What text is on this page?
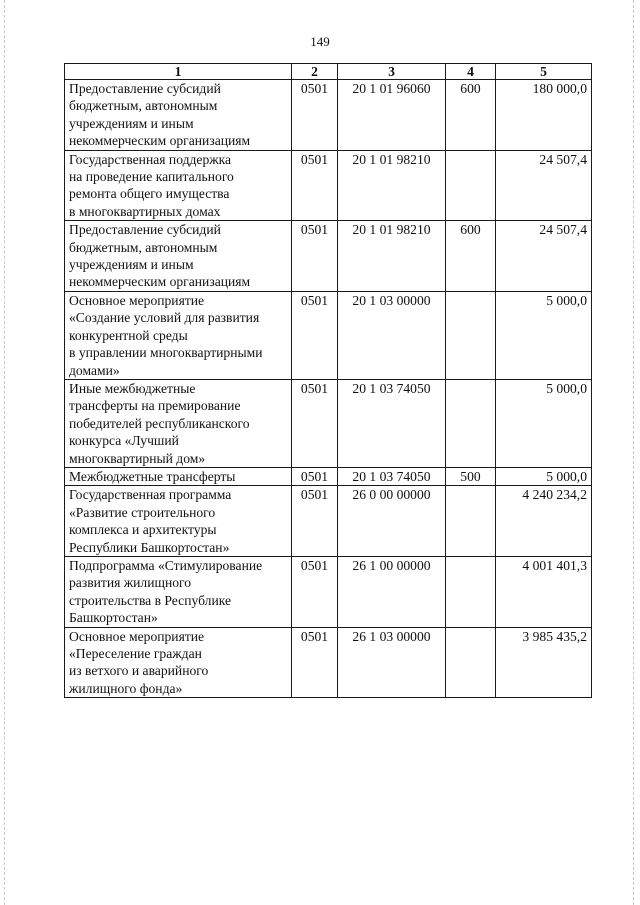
149
1	2	3	4	5
Предоставление субсидий
бюджетным, автономным
учреждениям и иным
некоммерческим организациям	0501	20 1 01 96060	600	180 000,0
Государственная поддержка
на проведение капитального
ремонта общего имущества
в многоквартирных домах	0501	20 1 01 98210		24 507,4
Предоставление субсидий
бюджетным, автономным
учреждениям и иным
некоммерческим организациям	0501	20 1 01 98210	600	24 507,4
Основное мероприятие
«Создание условий для развития
конкурентной среды
в управлении многоквартирными
домами»	0501	20 1 03 00000		5 000,0
Иные межбюджетные
трансферты на премирование
победителей республиканского
конкурса «Лучший
многоквартирный дом»	0501	20 1 03 74050		5 000,0
Межбюджетные трансферты	0501	20 1 03 74050	500	5 000,0
Государственная программа
«Развитие строительного
комплекса и архитектуры
Республики Башкортостан»	0501	26 0 00 00000		4 240 234,2
Подпрограмма «Стимулирование
развития жилищного
строительства в Республике
Башкортостан»	0501	26 1 00 00000		4 001 401,3
Основное мероприятие
«Переселение граждан
из ветхого и аварийного
жилищного фонда»	0501	26 1 03 00000		3 985 435,2
